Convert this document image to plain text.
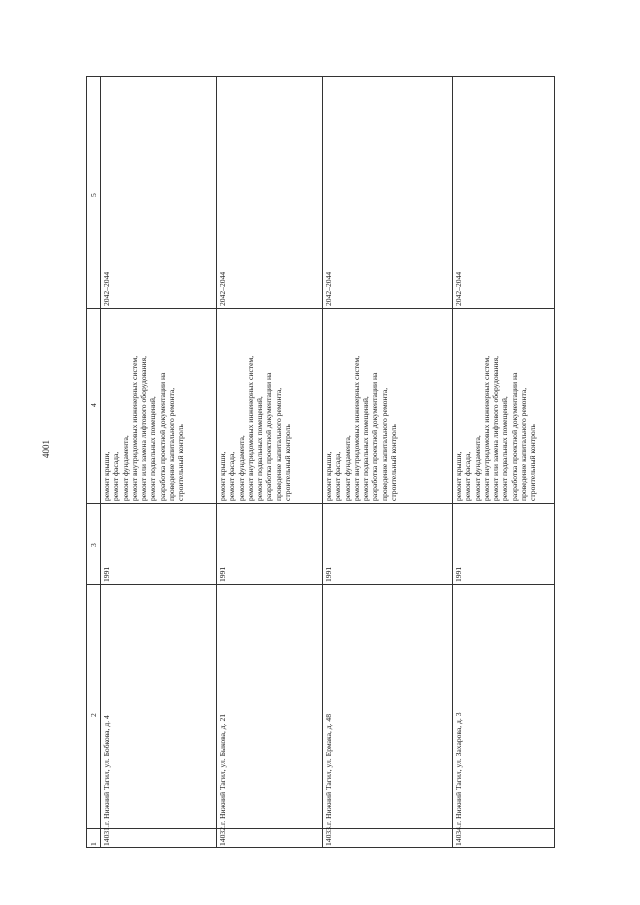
4001
1
2
3
4
5
14031.
г. Нижний Тагил, ул. Бобкова, д. 4
1991
2042–2044
ремонт крыши, ремонт фасада, ремонт фундамента, ремонт внутридомовых инженерных систем, ремонт или замена лифтового оборудования, ремонт подвальных помещений, разработка проектной документации на проведение капитального ремонта, строительный контроль
14032.
г. Нижний Тагил, ул. Быкова, д. 21
1991
2042–2044
ремонт крыши, ремонт фасада, ремонт фундамента, ремонт внутридомовых инженерных систем, ремонт подвальных помещений, разработка проектной документации на проведение капитального ремонта, строительный контроль
14033.
г. Нижний Тагил, ул. Ермака, д. 48
1991
2042–2044
ремонт крыши, ремонт фасада, ремонт фундамента, ремонт внутридомовых инженерных систем, ремонт подвальных помещений, разработка проектной документации на проведение капитального ремонта, строительный контроль
14034.
г. Нижний Тагил, ул. Захарова, д. 3
1991
2042–2044
ремонт крыши, ремонт фасада, ремонт фундамента, ремонт внутридомовых инженерных систем, ремонт или замена лифтового оборудования, ремонт подвальных помещений, разработка проектной документации на проведение капитального ремонта, строительный контроль
